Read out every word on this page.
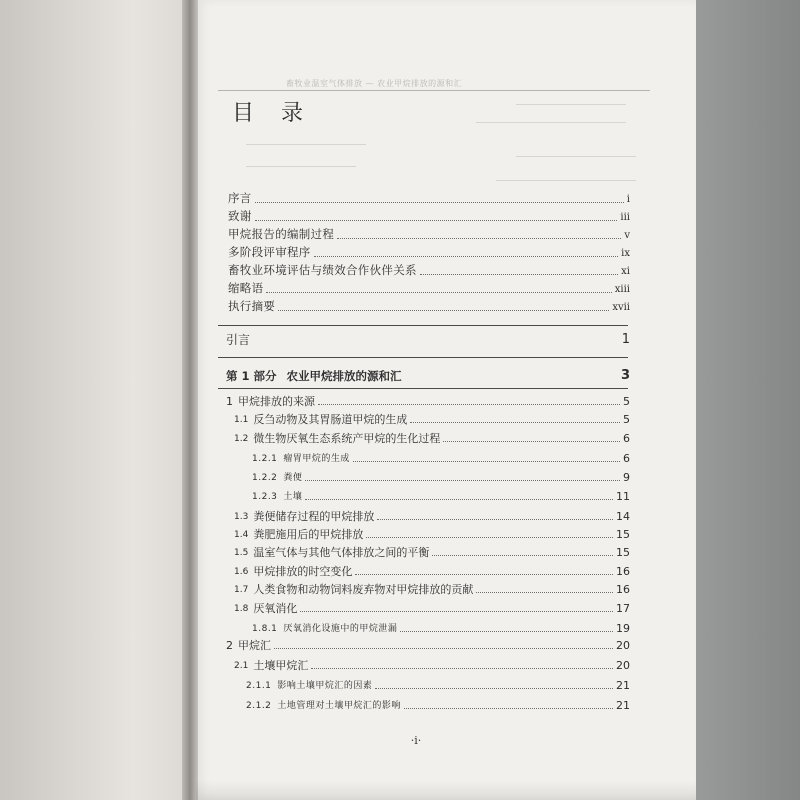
畜牧业温室气体排放 — 农业甲烷排放的源和汇
目 录
序言	i
致谢	iii
甲烷报告的编制过程	v
多阶段评审程序	ix
畜牧业环境评估与绩效合作伙伴关系	xi
缩略语	xiii
执行摘要	xvii
引言	1
第 1 部分 农业甲烷排放的源和汇	3
1 甲烷排放的来源	5
1.1 反刍动物及其胃肠道甲烷的生成	5
1.2 微生物厌氧生态系统产甲烷的生化过程	6
1.2.1 瘤胃甲烷的生成	6
1.2.2 粪便	9
1.2.3 土壤	11
1.3 粪便储存过程的甲烷排放	14
1.4 粪肥施用后的甲烷排放	15
1.5 温室气体与其他气体排放之间的平衡	15
1.6 甲烷排放的时空变化	16
1.7 人类食物和动物饲料废弃物对甲烷排放的贡献	16
1.8 厌氧消化	17
1.8.1 厌氧消化设施中的甲烷泄漏	19
2 甲烷汇	20
2.1 土壤甲烷汇	20
2.1.1 影响土壤甲烷汇的因素	21
2.1.2 土地管理对土壤甲烷汇的影响	21
·i·
